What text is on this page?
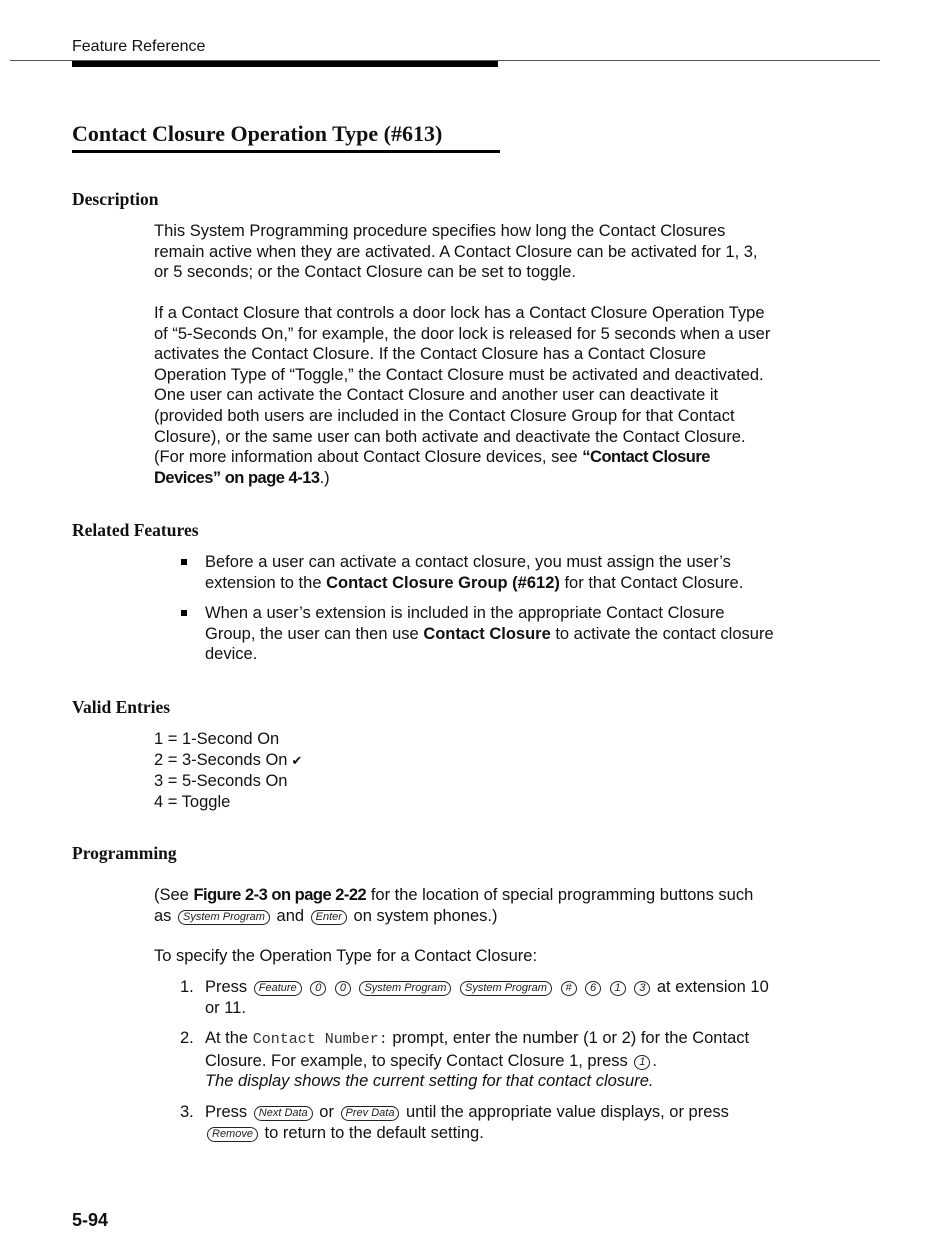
Feature Reference
Contact Closure Operation Type (#613)
Description

This System Programming procedure specifies how long the Contact Closures remain active when they are activated. A Contact Closure can be activated for 1, 3, or 5 seconds; or the Contact Closure can be set to toggle.

If a Contact Closure that controls a door lock has a Contact Closure Operation Type of “5-Seconds On,” for example, the door lock is released for 5 seconds when a user activates the Contact Closure. If the Contact Closure has a Contact Closure Operation Type of “Toggle,” the Contact Closure must be activated and deactivated. One user can activate the Contact Closure and another user can deactivate it (provided both users are included in the Contact Closure Group for that Contact Closure), or the same user can both activate and deactivate the Contact Closure. (For more information about Contact Closure devices, see “Contact Closure Devices” on page 4-13.)

Related Features
Before a user can activate a contact closure, you must assign the user’s extension to the Contact Closure Group (#612) for that Contact Closure.
When a user’s extension is included in the appropriate Contact Closure Group, the user can then use Contact Closure to activate the contact closure device.
Valid Entries
1 = 1-Second On
2 = 3-Seconds On ✔
3 = 5-Seconds On
4 = Toggle
Programming

(See Figure 2-3 on page 2-22 for the location of special programming buttons such as System Program and Enter on system phones.)

To specify the Operation Type for a Contact Closure:

1. Press Feature 0 0 System Program System Program # 6 1 3 at extension 10 or 11.
2. At the Contact Number: prompt, enter the number (1 or 2) for the Contact Closure. For example, to specify Contact Closure 1, press 1 .
The display shows the current setting for that contact closure.
3. Press Next Data or Prev Data until the appropriate value displays, or press Remove to return to the default setting.
5-94
